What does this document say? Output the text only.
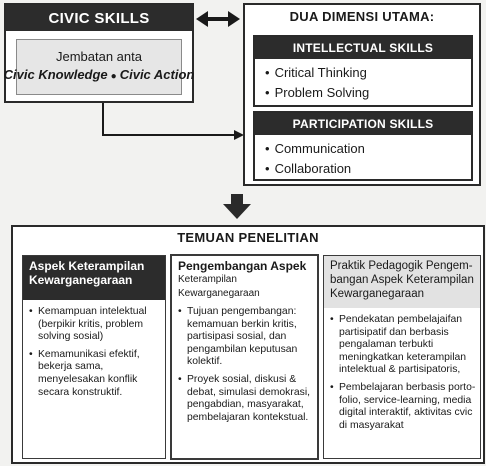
CIVIC SKILLS
Jembatan anta
Civic Knowledge ● Civic Action
DUA DIMENSI UTAMA:
INTELLECTUAL SKILLS
• Critical Thinking
• Problem Solving
PARTICIPATION SKILLS
• Communication
• Collaboration
TEMUAN PENELITIAN
Aspek Keterampilan Kewarganegaraan
• Kemampuan intelektual (berpikir kritis, problem solving sosial)
• Kemamunikasi efektif, bekerja sama, menyelesakan konflik secara konstruktif.
Pengembangan Aspek
Keterampilan Kewarganegaraan
• Tujuan pengembangan: kemamuan berkin kritis, partisipasi sosial, dan pengambilan keputusan kolektif.
• Proyek sosial, diskusi & debat, simulasi demokrasi, pengabdian, masyarakat, pembelajaran kontekstual.
Praktik Pedagogik Pengem-bangan Aspek Keterampilan Kewarganegaraan
• Pendekatan pembelajaifan partisipatif dan berbasis pengalaman terbukti meningkatkan keterampilan intelektual & partisipatoris,
• Pembelajaran berbasis porto-folio, service-learning, media digital interaktif, aktivitas cvic di masyarakat
